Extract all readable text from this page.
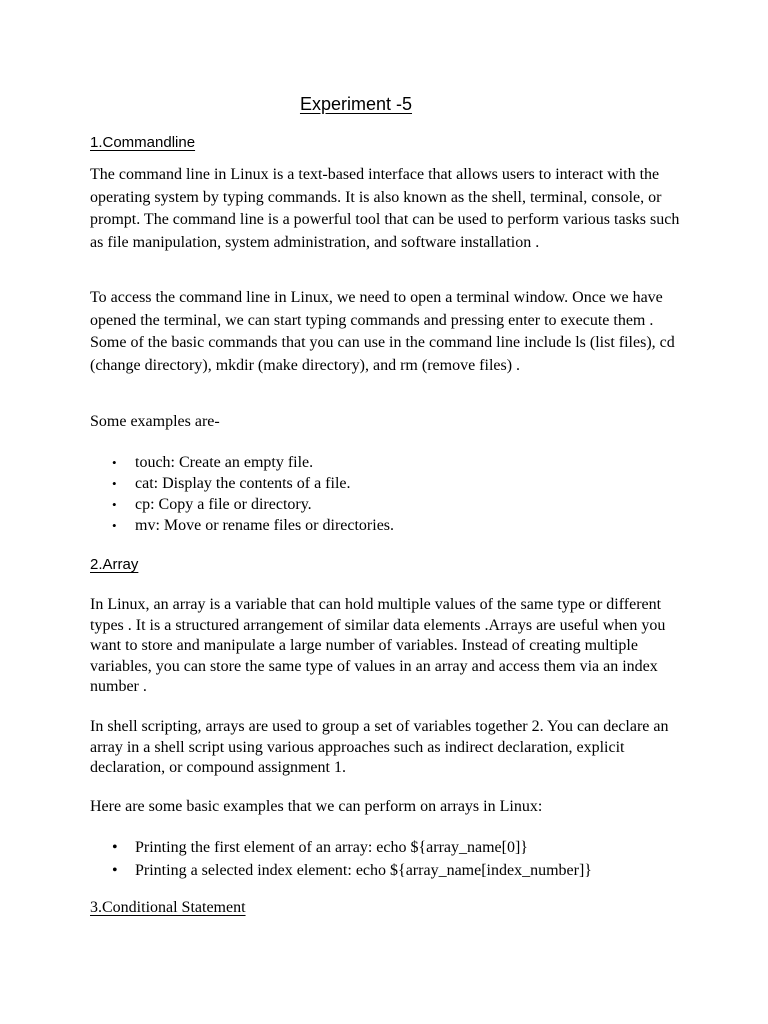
Experiment -5
1.Commandline

The command line in Linux is a text-based interface that allows users to interact with the operating system by typing commands. It is also known as the shell, terminal, console, or prompt. The command line is a powerful tool that can be used to perform various tasks such as file manipulation, system administration, and software installation .

To access the command line in Linux, we need to open a terminal window. Once we have opened the terminal, we can start typing commands and pressing enter to execute them . Some of the basic commands that you can use in the command line include ls (list files), cd (change directory), mkdir (make directory), and rm (remove files) .

Some examples are-

• touch: Create an empty file.
• cat: Display the contents of a file.
• cp: Copy a file or directory.
• mv: Move or rename files or directories.
2.Array

In Linux, an array is a variable that can hold multiple values of the same type or different types . It is a structured arrangement of similar data elements .Arrays are useful when you want to store and manipulate a large number of variables. Instead of creating multiple variables, you can store the same type of values in an array and access them via an index number .

In shell scripting, arrays are used to group a set of variables together 2. You can declare an array in a shell script using various approaches such as indirect declaration, explicit declaration, or compound assignment 1.

Here are some basic examples that we can perform on arrays in Linux:

• Printing the first element of an array: echo ${array_name[0]}
• Printing a selected index element: echo ${array_name[index_number]}
3.Conditional Statement
